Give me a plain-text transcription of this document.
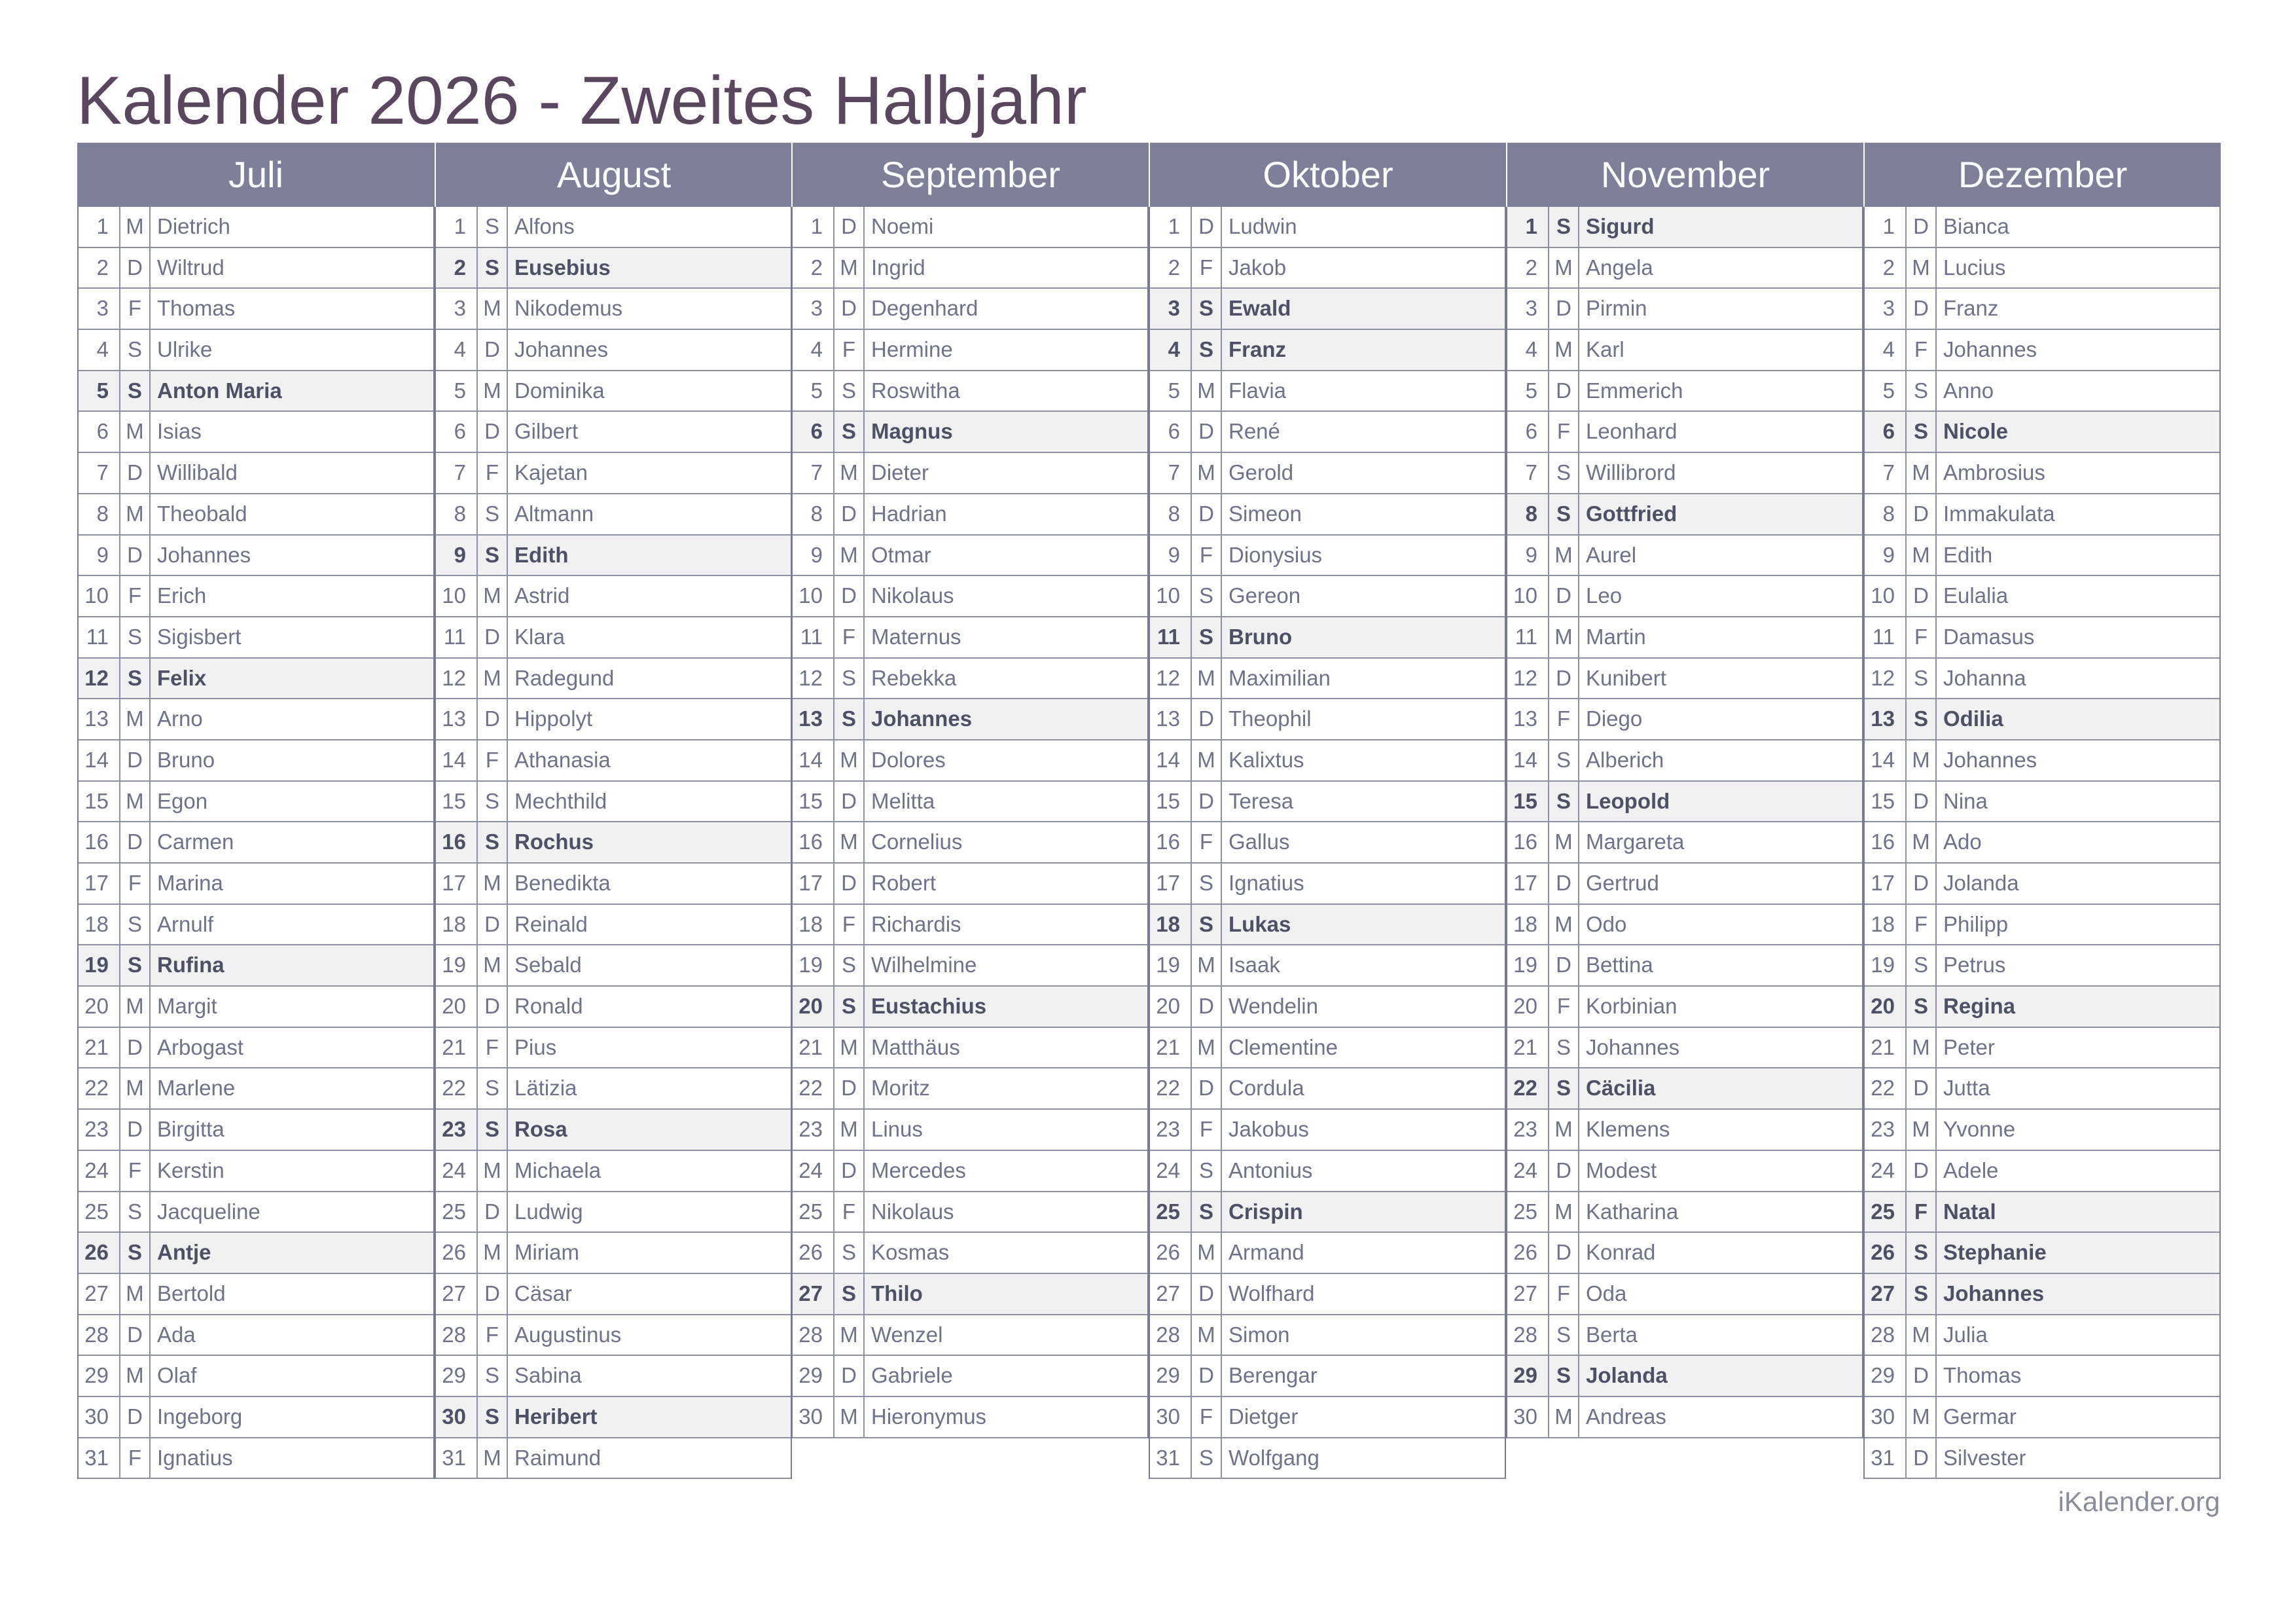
Kalender 2026 - Zweites Halbjahr
Juli
1 M Dietrich
2 D Wiltrud
3 F Thomas
4 S Ulrike
5 S Anton Maria
6 M Isias
7 D Willibald
8 M Theobald
9 D Johannes
10 F Erich
11 S Sigisbert
12 S Felix
13 M Arno
14 D Bruno
15 M Egon
16 D Carmen
17 F Marina
18 S Arnulf
19 S Rufina
20 M Margit
21 D Arbogast
22 M Marlene
23 D Birgitta
24 F Kerstin
25 S Jacqueline
26 S Antje
27 M Bertold
28 D Ada
29 M Olaf
30 D Ingeborg
31 F Ignatius
August
1 S Alfons
2 S Eusebius
3 M Nikodemus
4 D Johannes
5 M Dominika
6 D Gilbert
7 F Kajetan
8 S Altmann
9 S Edith
10 M Astrid
11 D Klara
12 M Radegund
13 D Hippolyt
14 F Athanasia
15 S Mechthild
16 S Rochus
17 M Benedikta
18 D Reinald
19 M Sebald
20 D Ronald
21 F Pius
22 S Lätizia
23 S Rosa
24 M Michaela
25 D Ludwig
26 M Miriam
27 D Cäsar
28 F Augustinus
29 S Sabina
30 S Heribert
31 M Raimund
September
1 D Noemi
2 M Ingrid
3 D Degenhard
4 F Hermine
5 S Roswitha
6 S Magnus
7 M Dieter
8 D Hadrian
9 M Otmar
10 D Nikolaus
11 F Maternus
12 S Rebekka
13 S Johannes
14 M Dolores
15 D Melitta
16 M Cornelius
17 D Robert
18 F Richardis
19 S Wilhelmine
20 S Eustachius
21 M Matthäus
22 D Moritz
23 M Linus
24 D Mercedes
25 F Nikolaus
26 S Kosmas
27 S Thilo
28 M Wenzel
29 D Gabriele
30 M Hieronymus
Oktober
1 D Ludwin
2 F Jakob
3 S Ewald
4 S Franz
5 M Flavia
6 D René
7 M Gerold
8 D Simeon
9 F Dionysius
10 S Gereon
11 S Bruno
12 M Maximilian
13 D Theophil
14 M Kalixtus
15 D Teresa
16 F Gallus
17 S Ignatius
18 S Lukas
19 M Isaak
20 D Wendelin
21 M Clementine
22 D Cordula
23 F Jakobus
24 S Antonius
25 S Crispin
26 M Armand
27 D Wolfhard
28 M Simon
29 D Berengar
30 F Dietger
31 S Wolfgang
November
1 S Sigurd
2 M Angela
3 D Pirmin
4 M Karl
5 D Emmerich
6 F Leonhard
7 S Willibrord
8 S Gottfried
9 M Aurel
10 D Leo
11 M Martin
12 D Kunibert
13 F Diego
14 S Alberich
15 S Leopold
16 M Margareta
17 D Gertrud
18 M Odo
19 D Bettina
20 F Korbinian
21 S Johannes
22 S Cäcilia
23 M Klemens
24 D Modest
25 M Katharina
26 D Konrad
27 F Oda
28 S Berta
29 S Jolanda
30 M Andreas
Dezember
1 D Bianca
2 M Lucius
3 D Franz
4 F Johannes
5 S Anno
6 S Nicole
7 M Ambrosius
8 D Immakulata
9 M Edith
10 D Eulalia
11 F Damasus
12 S Johanna
13 S Odilia
14 M Johannes
15 D Nina
16 M Ado
17 D Jolanda
18 F Philipp
19 S Petrus
20 S Regina
21 M Peter
22 D Jutta
23 M Yvonne
24 D Adele
25 F Natal
26 S Stephanie
27 S Johannes
28 M Julia
29 D Thomas
30 M Germar
31 D Silvester
iKalender.org
